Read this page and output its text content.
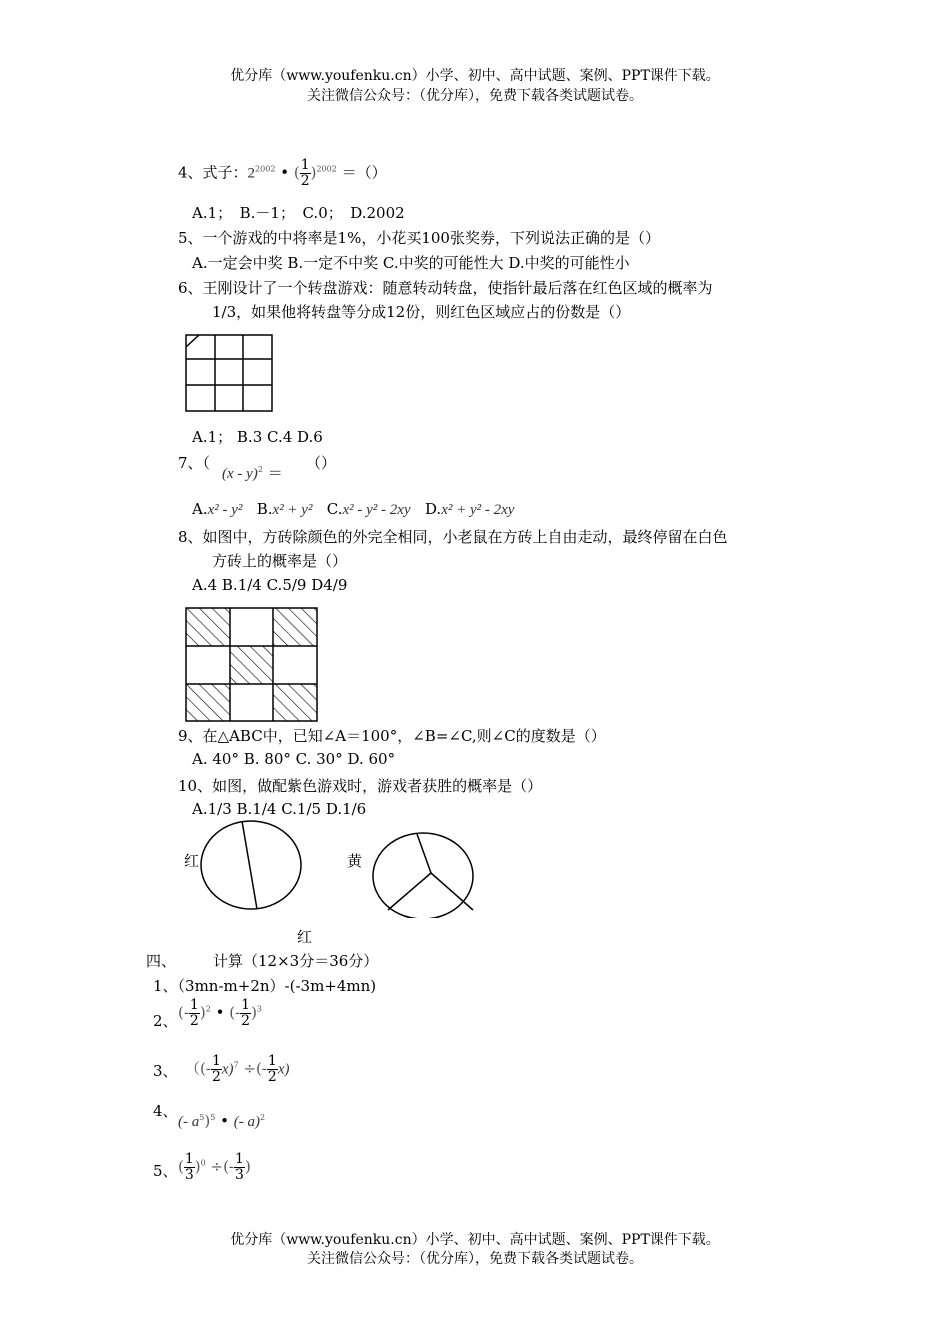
优分库（www.youfenku.cn）小学、初中、高中试题、案例、PPT课件下载。
关注微信公众号：（优分库），免费下载各类试题试卷。
4、式子：$2^{2002}$ • ( $\frac{1}{2} )^{2002}$ ＝（）
A.1；　B.－1；　C.0；　D.2002
5、一个游戏的中将率是1%，小花买100张奖券，下列说法正确的是（）
A.一定会中奖 B.一定不中奖 C.中奖的可能性大 D.中奖的可能性小
6、王刚设计了一个转盘游戏：随意转动转盘，使指针最后落在红色区域的概率为
1/3，如果他将转盘等分成12份，则红色区域应占的份数是（）
A.1； B.3 C.4 D.6
7、（
(x - y)$^2$ ＝
（）
A.x² - y² B.x² + y² C.x² - y² - 2xy D.x² + y² - 2xy
8、如图中，方砖除颜色的外完全相同，小老鼠在方砖上自由走动，最终停留在白色
方砖上的概率是（）
A.4 B.1/4 C.5/9 D4/9
9、在△ABC中，已知∠A＝100°，∠B=∠C,则∠C的度数是（）
A. 40° B. 80° C. 30° D. 60°
10、如图，做配紫色游戏时，游戏者获胜的概率是（）
A.1/3 B.1/4 C.1/5 D.1/6
红	蓝	黄
红
四、 计算（12×3分＝36分）
1、（3mn-m+2n）-(-3m+4mn)
2、 (- $\frac{1}{2} )^2$ • (- $\frac{1}{2} )^3$
3、 （(- $\frac{1}{2} x)^7$ ÷(- $\frac{1}{2} x$)
4、
(- $a^5)^5$ • (- a)$^2$
5、 ( $\frac{1}{3} )^0$ ÷(- $\frac{1}{3}$ )
优分库（www.youfenku.cn）小学、初中、高中试题、案例、PPT课件下载。
关注微信公众号：（优分库），免费下载各类试题试卷。
